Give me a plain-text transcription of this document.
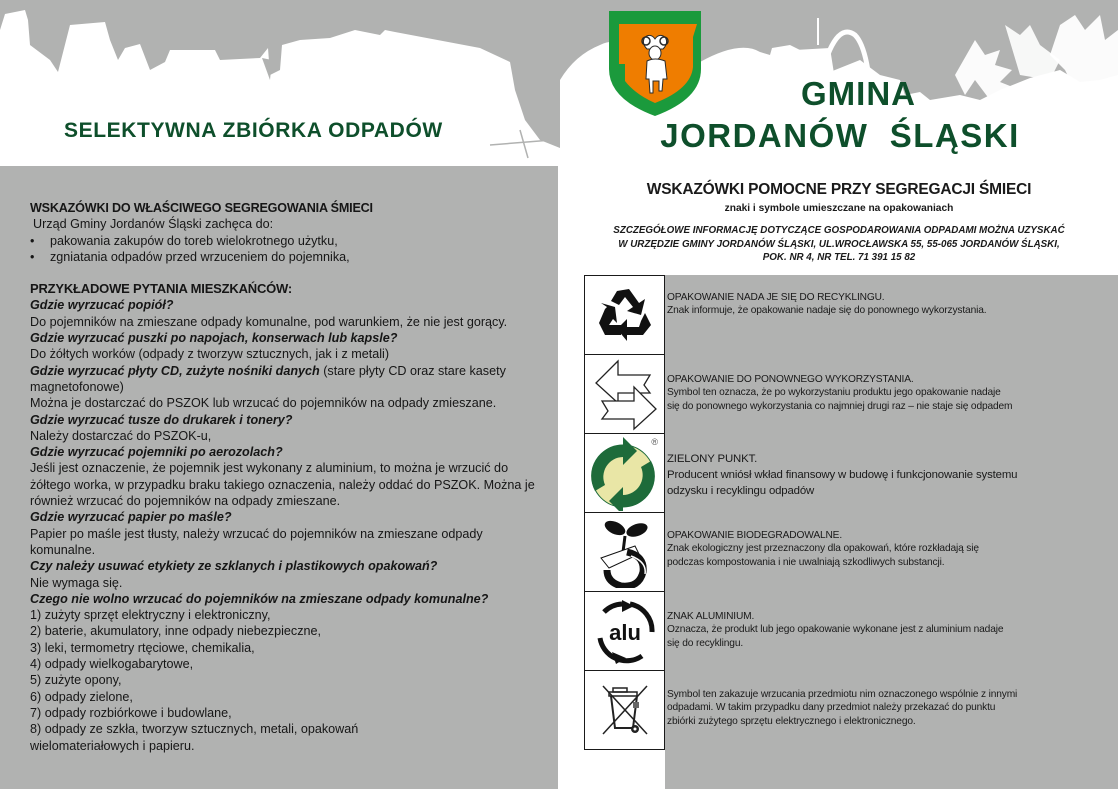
SELEKTYWNA ZBIÓRKA ODPADÓW
GMINA
JORDANÓW  ŚLĄSKI
WSKAZÓWKI DO WŁAŚCIWEGO SEGREGOWANIA ŚMIECI
Urząd Gminy Jordanów Śląski zachęca do:
• pakowania zakupów do toreb wielokrotnego użytku,
• zgniatania odpadów przed wrzuceniem do pojemnika,
PRZYKŁADOWE PYTANIA MIESZKAŃCÓW:
Gdzie wyrzucać popiół?
Do pojemników na zmieszane odpady komunalne, pod warunkiem, że nie jest gorący.
Gdzie wyrzucać puszki po napojach, konserwach lub kapsle?
Do żółtych worków (odpady z tworzyw sztucznych, jak i z metali)
Gdzie wyrzucać płyty CD, zużyte nośniki danych (stare płyty CD oraz stare kasety magnetofonowe)
Można je dostarczać do PSZOK lub wrzucać do pojemników na odpady zmieszane.
Gdzie wyrzucać tusze do drukarek i tonery?
Należy dostarczać do PSZOK-u,
Gdzie wyrzucać pojemniki po aerozolach?
Jeśli jest oznaczenie, że pojemnik jest wykonany z aluminium, to można je wrzucić do żółtego worka, w przypadku braku takiego oznaczenia, należy oddać do PSZOK. Można je również wrzucać do pojemników na odpady zmieszane.
Gdzie wyrzucać papier po maśle?
Papier po maśle jest tłusty, należy wrzucać do pojemników na zmieszane odpady komunalne.
Czy należy usuwać etykiety ze szklanych i plastikowych opakowań?
Nie wymaga się.
Czego nie wolno wrzucać do pojemników na zmieszane odpady komunalne?
1) zużyty sprzęt elektryczny i elektroniczny,
2) baterie, akumulatory, inne odpady niebezpieczne,
3) leki, termometry rtęciowe, chemikalia,
4) odpady wielkogabarytowe,
5) zużyte opony,
6) odpady zielone,
7) odpady rozbiórkowe i budowlane,
8) odpady ze szkła, tworzyw sztucznych, metali, opakowań
wielomateriałowych i papieru.
WSKAZÓWKI POMOCNE PRZY SEGREGACJI ŚMIECI
znaki i symbole umieszczane na opakowaniach
SZCZEGÓŁOWE INFORMACJĘ DOTYCZĄCE GOSPODAROWANIA ODPADAMI MOŻNA UZYSKAĆ
W URZĘDZIE GMINY JORDANÓW ŚLĄSKI, UL.WROCŁAWSKA 55, 55-065 JORDANÓW ŚLĄSKI,
POK. NR 4, NR TEL. 71 391 15 82
OPAKOWANIE NADA JE SIĘ DO RECYKLINGU.
Znak informuje, że opakowanie nadaje się do ponownego wykorzystania.
OPAKOWANIE DO PONOWNEGO WYKORZYSTANIA.
Symbol ten oznacza, że po wykorzystaniu produktu jego opakowanie nadaje
się do ponownego wykorzystania co najmniej drugi raz – nie staje się odpadem
®
ZIELONY PUNKT.
Producent wniósł wkład finansowy w budowę i funkcjonowanie systemu
odzysku i recyklingu odpadów
OPAKOWANIE BIODEGRADOWALNE.
Znak ekologiczny jest przeznaczony dla opakowań, które rozkładają się
podczas kompostowania i nie uwalniają szkodliwych substancji.
alu
ZNAK ALUMINIUM.
Oznacza, że produkt lub jego opakowanie wykonane jest z aluminium nadaje
się do recyklingu.
Symbol ten zakazuje wrzucania przedmiotu nim oznaczonego wspólnie z innymi
odpadami. W takim przypadku dany przedmiot należy przekazać do punktu
zbiórki zużytego sprzętu elektrycznego i elektronicznego.
